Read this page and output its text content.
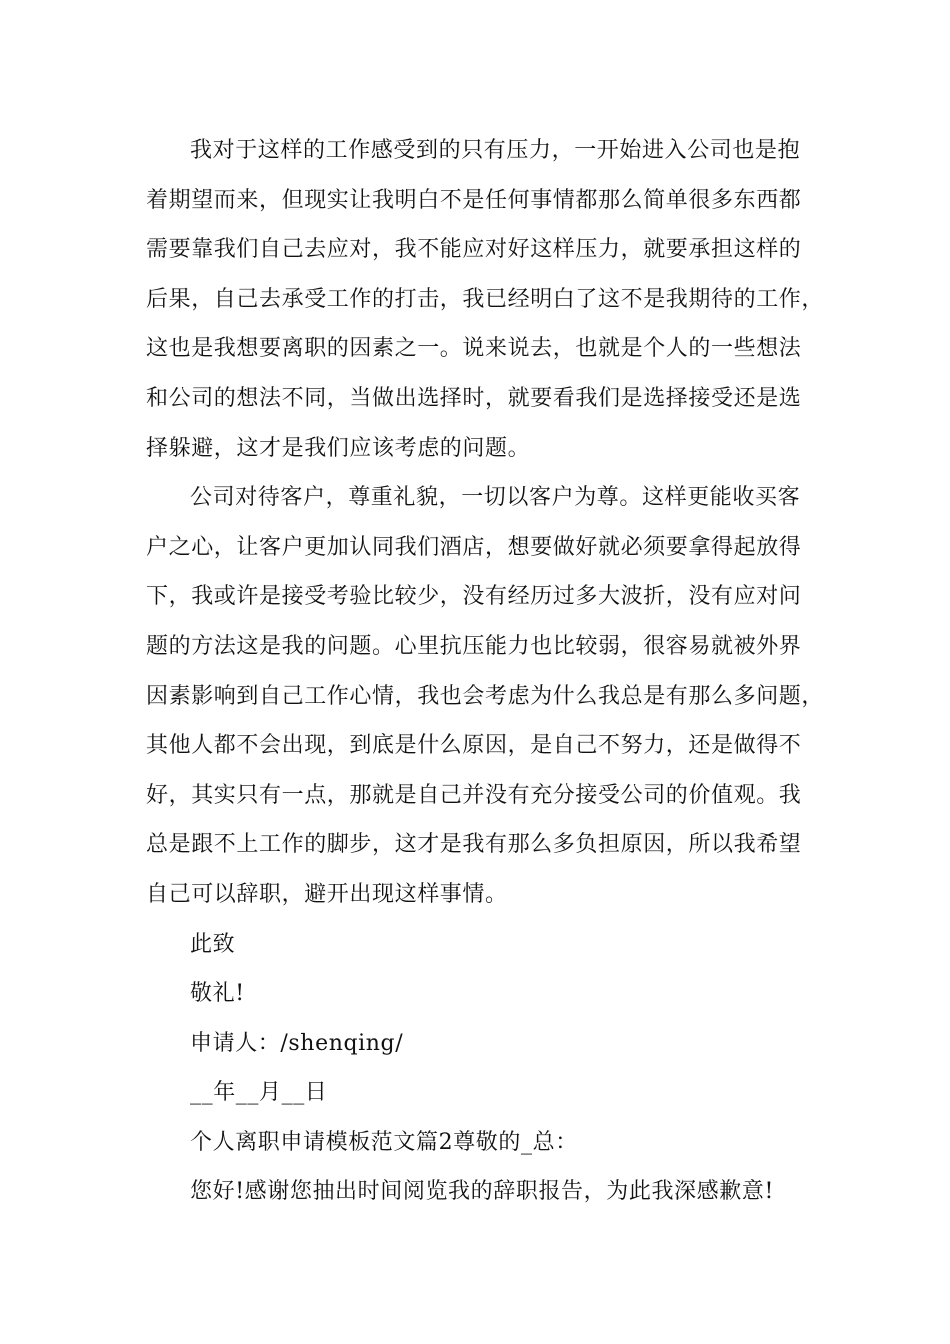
我对于这样的工作感受到的只有压力，一开始进入公司也是抱
着期望而来，但现实让我明白不是任何事情都那么简单很多东西都
需要靠我们自己去应对，我不能应对好这样压力，就要承担这样的
后果，自己去承受工作的打击，我已经明白了这不是我期待的工作，
这也是我想要离职的因素之一。说来说去，也就是个人的一些想法
和公司的想法不同，当做出选择时，就要看我们是选择接受还是选
择躲避，这才是我们应该考虑的问题。
公司对待客户，尊重礼貌，一切以客户为尊。这样更能收买客
户之心，让客户更加认同我们酒店，想要做好就必须要拿得起放得
下，我或许是接受考验比较少，没有经历过多大波折，没有应对问
题的方法这是我的问题。心里抗压能力也比较弱，很容易就被外界
因素影响到自己工作心情，我也会考虑为什么我总是有那么多问题，
其他人都不会出现，到底是什么原因，是自己不努力，还是做得不
好，其实只有一点，那就是自己并没有充分接受公司的价值观。我
总是跟不上工作的脚步，这才是我有那么多负担原因，所以我希望
自己可以辞职，避开出现这样事情。
此致
敬礼!
申请人：/shenqing/
__年__月__日
个人离职申请模板范文篇2尊敬的_总：
您好!感谢您抽出时间阅览我的辞职报告，为此我深感歉意!
